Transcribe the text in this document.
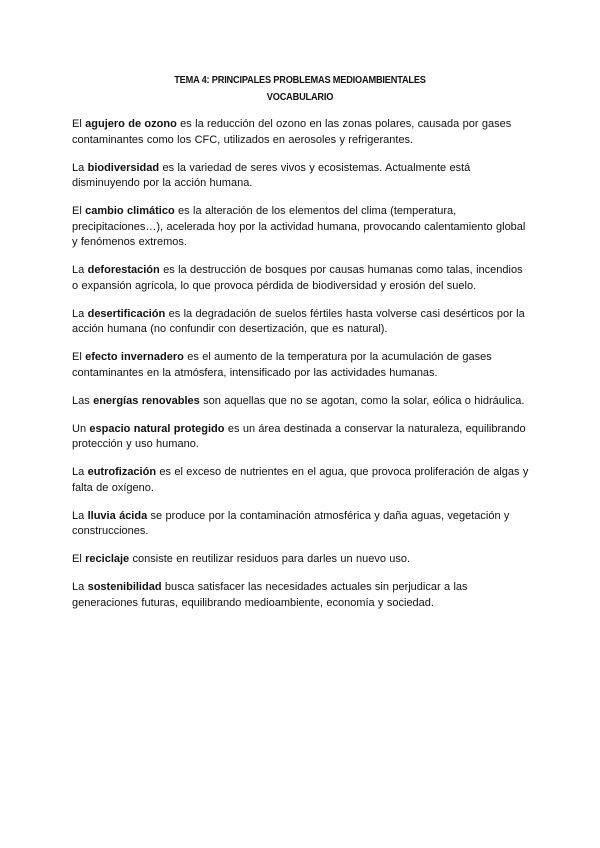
TEMA 4: PRINCIPALES PROBLEMAS MEDIOAMBIENTALES
VOCABULARIO

El agujero de ozono es la reducción del ozono en las zonas polares, causada por gases contaminantes como los CFC, utilizados en aerosoles y refrigerantes.

La biodiversidad es la variedad de seres vivos y ecosistemas. Actualmente está disminuyendo por la acción humana.

El cambio climático es la alteración de los elementos del clima (temperatura, precipitaciones…), acelerada hoy por la actividad humana, provocando calentamiento global y fenómenos extremos.

La deforestación es la destrucción de bosques por causas humanas como talas, incendios o expansión agrícola, lo que provoca pérdida de biodiversidad y erosión del suelo.

La desertificación es la degradación de suelos fértiles hasta volverse casi desérticos por la acción humana (no confundir con desertización, que es natural).

El efecto invernadero es el aumento de la temperatura por la acumulación de gases contaminantes en la atmósfera, intensificado por las actividades humanas.

Las energías renovables son aquellas que no se agotan, como la solar, eólica o hidráulica.

Un espacio natural protegido es un área destinada a conservar la naturaleza, equilibrando protección y uso humano.

La eutrofización es el exceso de nutrientes en el agua, que provoca proliferación de algas y falta de oxígeno.

La lluvia ácida se produce por la contaminación atmosférica y daña aguas, vegetación y construcciones.

El reciclaje consiste en reutilizar residuos para darles un nuevo uso.

La sostenibilidad busca satisfacer las necesidades actuales sin perjudicar a las generaciones futuras, equilibrando medioambiente, economía y sociedad.
